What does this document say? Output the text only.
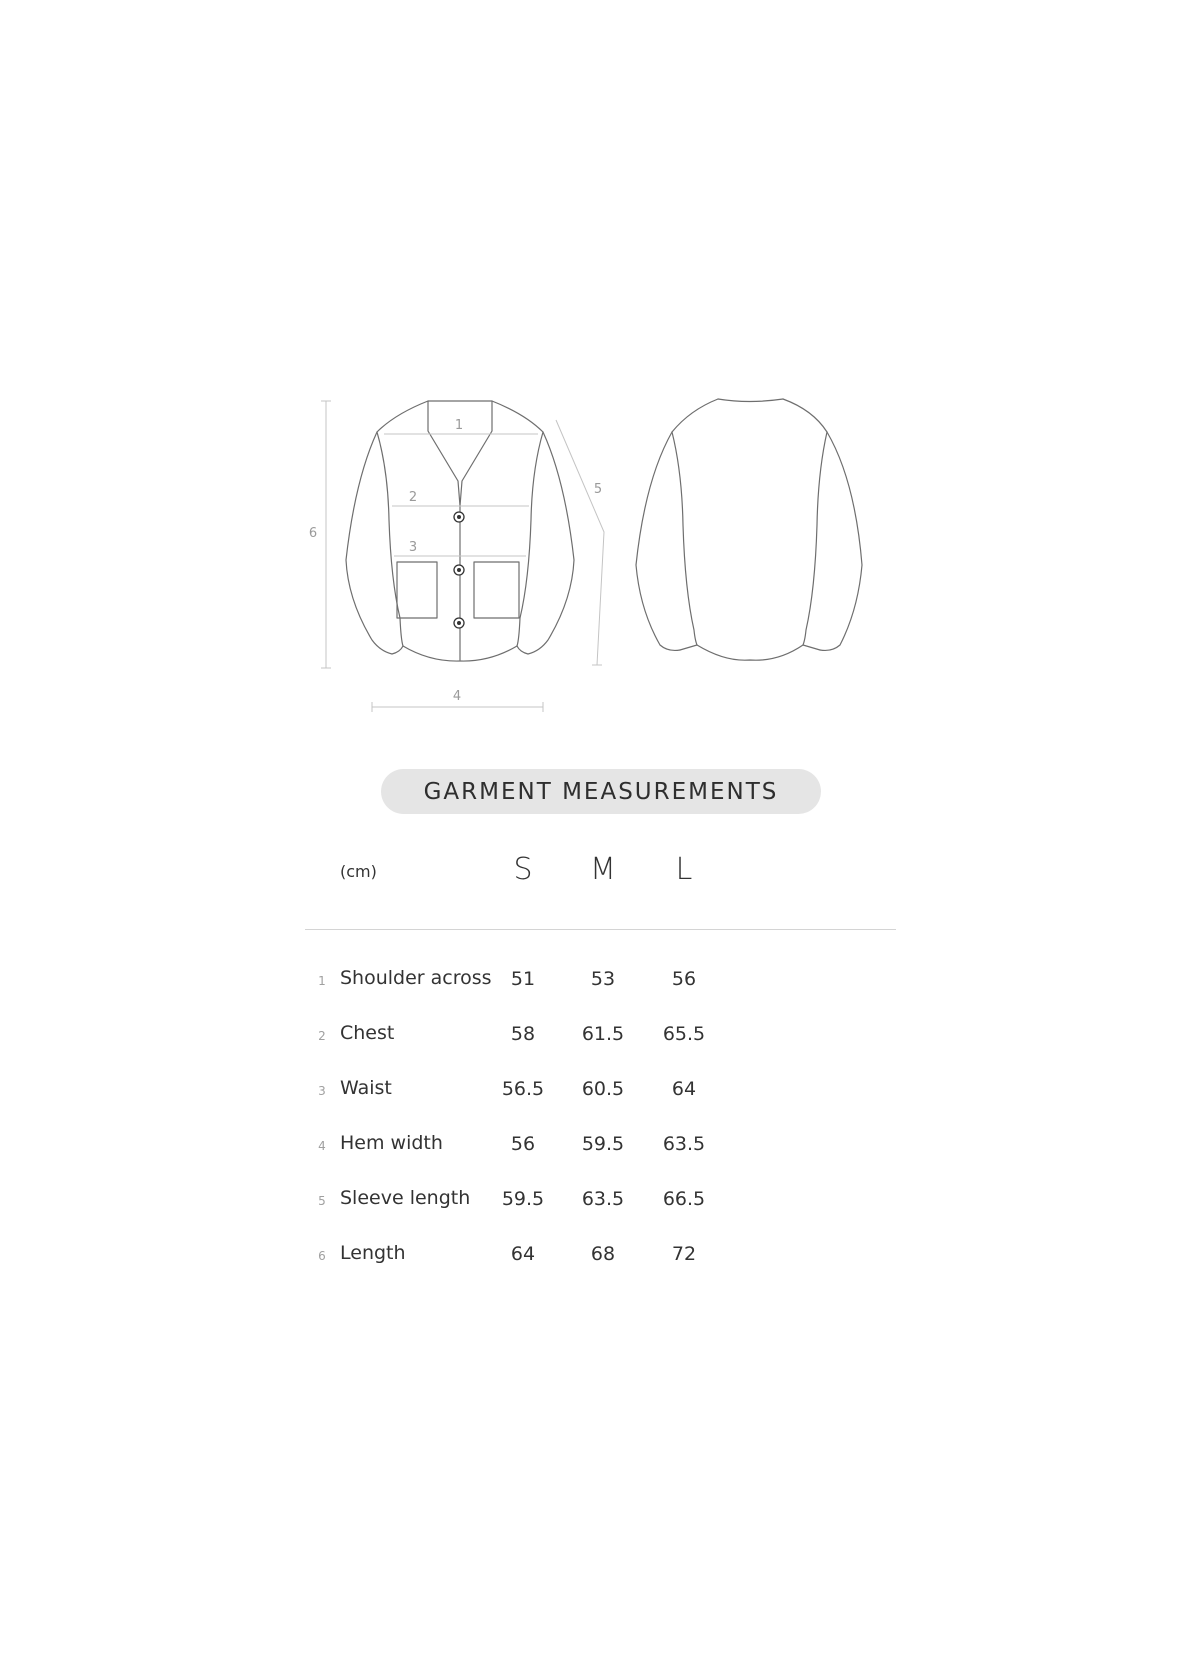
1
2
3
4
5
6
GARMENT MEASUREMENTS
(cm)	S	M	L
1 Shoulder across	51	53	56
2 Chest	58	61.5	65.5
3 Waist	56.5	60.5	64
4 Hem width	56	59.5	63.5
5 Sleeve length	59.5	63.5	66.5
6 Length	64	68	72
